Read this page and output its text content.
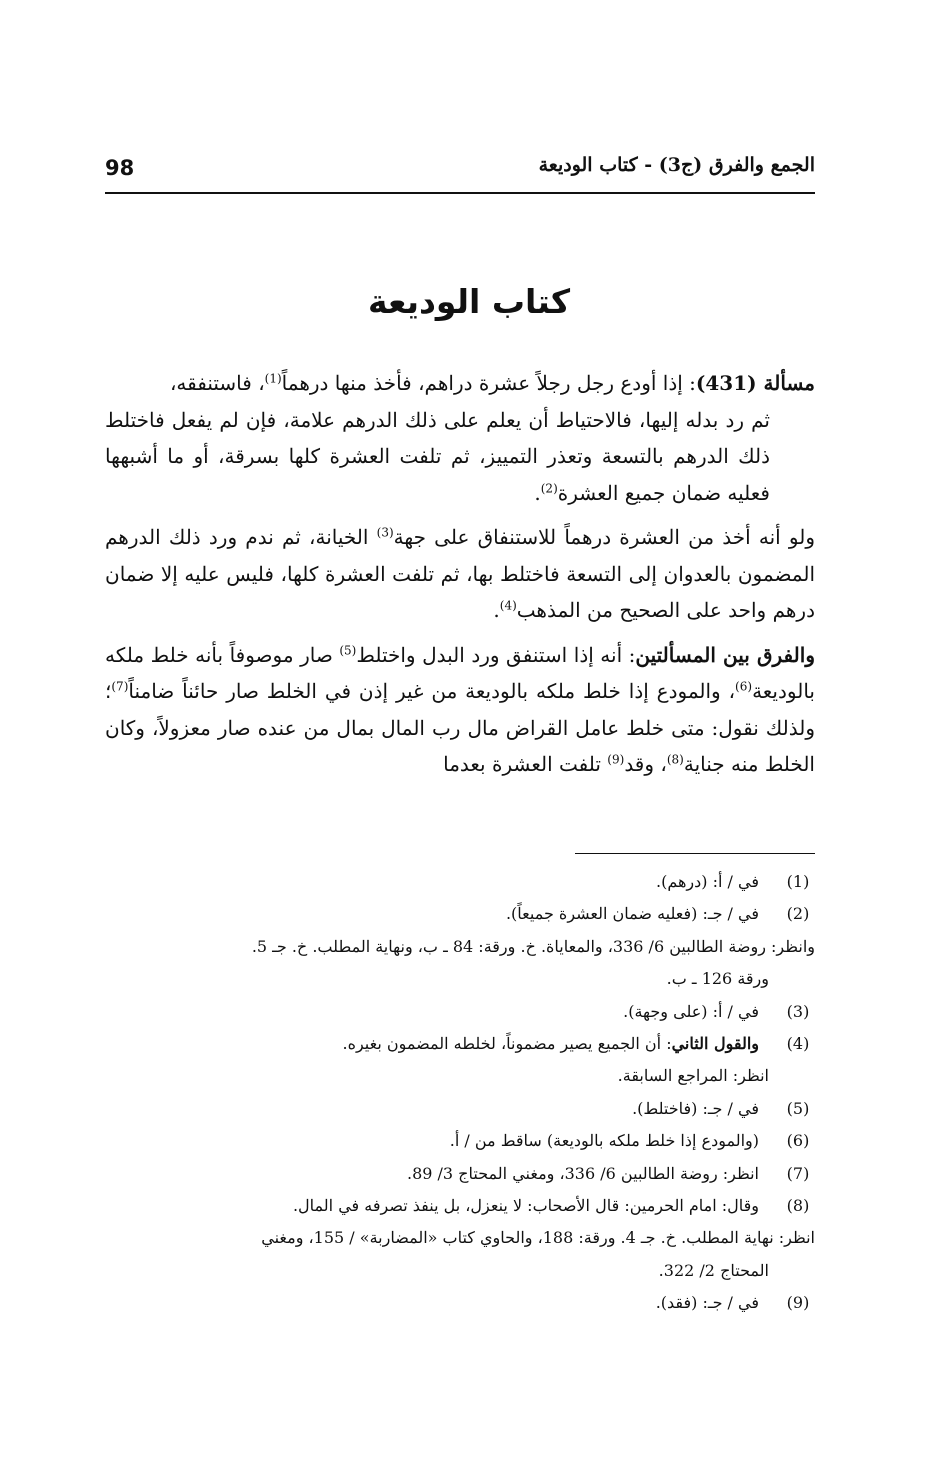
98	الجمع والفرق (ج3) - كتاب الوديعة
كتاب الوديعة

مسألة (431): إذا أودع رجل رجلاً عشرة دراهم، فأخذ منها درهماً$^{(1)}$، فاستنفقه،
ثم رد بدله إليها، فالاحتياط أن يعلم على ذلك الدرهم علامة، فإن لم يفعل فاختلط ذلك الدرهم بالتسعة وتعذر التمييز، ثم تلفت العشرة كلها بسرقة، أو ما أشبهها فعليه ضمان جميع العشرة$^{(2)}$.

ولو أنه أخذ من العشرة درهماً للاستنفاق على جهة$^{(3)}$ الخيانة، ثم ندم ورد ذلك الدرهم المضمون بالعدوان إلى التسعة فاختلط بها، ثم تلفت العشرة كلها، فليس عليه إلا ضمان درهم واحد على الصحيح من المذهب$^{(4)}$.

والفرق بين المسألتين: أنه إذا استنفق ورد البدل واختلط$^{(5)}$ صار موصوفاً بأنه خلط ملكه بالوديعة$^{(6)}$، والمودع إذا خلط ملكه بالوديعة من غير إذن في الخلط صار حائناً ضامناً$^{(7)}$؛ ولذلك نقول: متى خلط عامل القراض مال رب المال بمال من عنده صار معزولاً، وكان الخلط منه جناية$^{(8)}$، وقد$^{(9)}$ تلفت العشرة بعدما

(1)
في / أ: (درهم).
(2)
في / جـ: (فعليه ضمان العشرة جميعاً).
وانظر: روضة الطالبين 6/ 336، والمعاياة. خ. ورقة: 84 ـ ب، ونهاية المطلب. خ. جـ 5.
ورقة 126 ـ ب.
(3)
في / أ: (على وجهة).
(4)
والقول الثاني: أن الجميع يصير مضموناً، لخلطه المضمون بغيره.
انظر: المراجع السابقة.
(5)
في / جـ: (فاختلط).
(6)
(والمودع إذا خلط ملكه بالوديعة) ساقط من / أ.
(7)
انظر: روضة الطالبين 6/ 336، ومغني المحتاج 3/ 89.
(8)
وقال: امام الحرمين: قال الأصحاب: لا ينعزل، بل ينفذ تصرفه في المال.
انظر: نهاية المطلب. خ. جـ 4. ورقة: 188، والحاوي كتاب «المضاربة» / 155، ومغني
المحتاج 2/ 322.
(9)
في / جـ: (فقد).
